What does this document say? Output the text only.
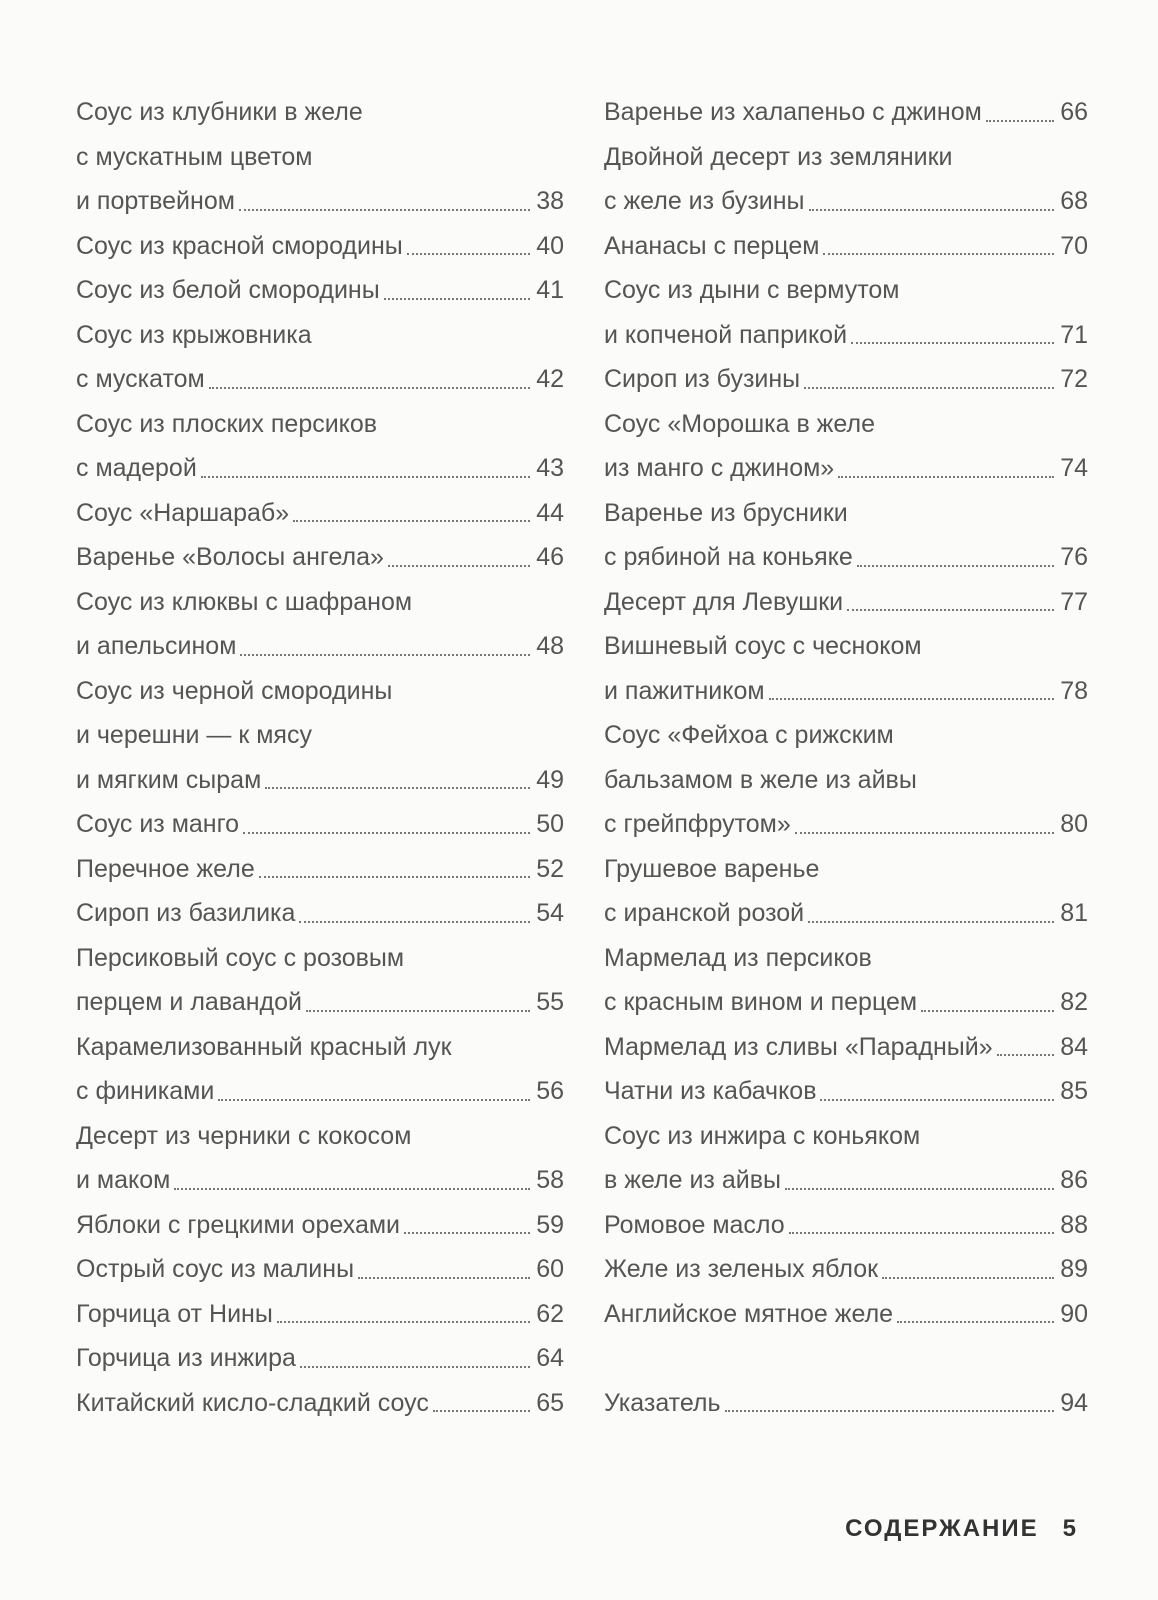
Соус из клубники в желе
с мускатным цветом
и портвейном	38
Соус из красной смородины	40
Соус из белой смородины	41
Соус из крыжовника
с мускатом	42
Соус из плоских персиков
с мадерой	43
Соус «Наршараб»	44
Варенье «Волосы ангела»	46
Соус из клюквы с шафраном
и апельсином	48
Соус из черной смородины
и черешни — к мясу
и мягким сырам	49
Соус из манго	50
Перечное желе	52
Сироп из базилика	54
Персиковый соус с розовым
перцем и лавандой	55
Карамелизованный красный лук
с финиками	56
Десерт из черники с кокосом
и маком	58
Яблоки с грецкими орехами	59
Острый соус из малины	60
Горчица от Нины	62
Горчица из инжира	64
Китайский кисло-сладкий соус	65
Варенье из халапеньо с джином	66
Двойной десерт из земляники
с желе из бузины	68
Ананасы с перцем	70
Соус из дыни с вермутом
и копченой паприкой	71
Сироп из бузины	72
Соус «Морошка в желе
из манго с джином»	74
Варенье из брусники
с рябиной на коньяке	76
Десерт для Левушки	77
Вишневый соус с чесноком
и пажитником	78
Соус «Фейхоа с рижским
бальзамом в желе из айвы
с грейпфрутом»	80
Грушевое варенье
с иранской розой	81
Мармелад из персиков
с красным вином и перцем	82
Мармелад из сливы «Парадный»	84
Чатни из кабачков	85
Соус из инжира с коньяком
в желе из айвы	86
Ромовое масло	88
Желе из зеленых яблок	89
Английское мятное желе	90
Указатель	94
СОДЕРЖАНИЕ 5
